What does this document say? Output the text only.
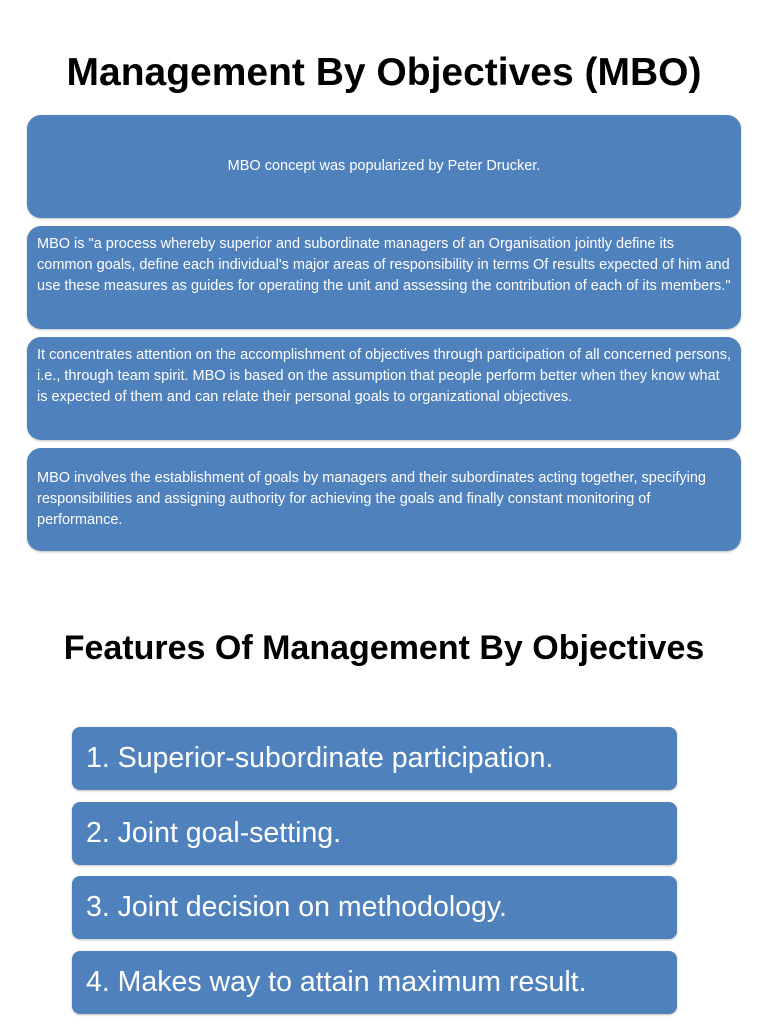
Management By Objectives (MBO)
MBO concept was popularized by Peter Drucker.
MBO is "a process whereby superior and subordinate managers of an Organisation jointly define its common goals, define each individual's major areas of responsibility in terms Of results expected of him and use these measures as guides for operating the unit and assessing the contribution of each of its members."
It concentrates attention on the accomplishment of objectives through participation of all concerned persons, i.e., through team spirit. MBO is based on the assumption that people perform better when they know what is expected of them and can relate their personal goals to organizational objectives.
MBO involves the establishment of goals by managers and their subordinates acting together, specifying responsibilities and assigning authority for achieving the goals and finally constant monitoring of performance.
Features Of Management By Objectives
1. Superior-subordinate participation.
2. Joint goal-setting.
3. Joint decision on methodology.
4. Makes way to attain maximum result.
